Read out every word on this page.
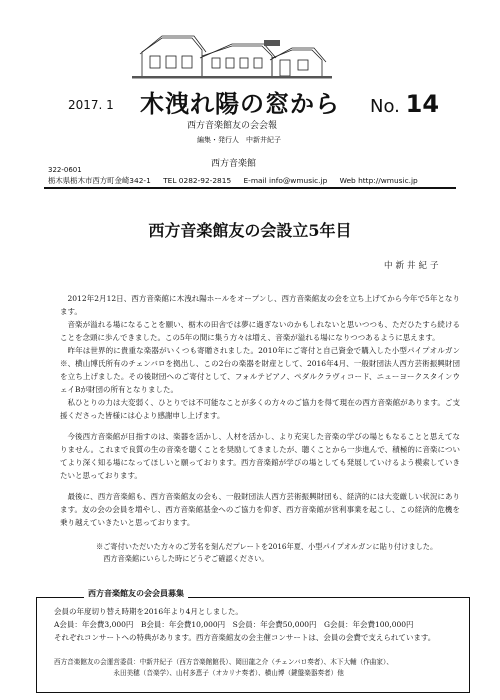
2017. 1 木洩れ陽の窓から No. 14
西方音楽館友の会会報
編集・発行人　中新井紀子
西方音楽館
322-0601
栃木県栃木市西方町金崎342-1 TEL 0282-92-2815 E-mail info@wmusic.jp Web http://wmusic.jp
西方音楽館友の会設立5年目
中新井紀子

2012年2月12日、西方音楽館に木洩れ陽ホールをオープンし、西方音楽館友の会を立ち上げてから今年で5年となります。

音楽が溢れる場になることを願い、栃木の田舎では夢に過ぎないのかもしれないと思いつつも、ただひたすら続けることを念頭に歩んできました。この5年の間に集う方々は増え、音楽が溢れる場になりつつあるように思えます。

昨年は世界的に貴重な楽器がいくつも寄贈されました。2010年にご寄付と自己資金で購入した小型パイプオルガン※、横山博氏所有のチェンバロを拠出し、この2台の楽器を財産として、2016年4月、一般財団法人西方芸術振興財団を立ち上げました。その後財団へのご寄付として、フォルテピアノ、ペダルクラヴィコード、ニューヨークスタインウェイBが財団の所有となりました。

私ひとりの力は大変弱く、ひとりでは不可能なことが多くの方々のご協力を得て現在の西方音楽館があります。ご支援くださった皆様には心より感謝申し上げます。

今後西方音楽館が目指すのは、楽器を活かし、人材を活かし、より充実した音楽の学びの場ともなることと思えてなりません。これまで良質の生の音楽を聴くことを奨励してきましたが、聴くことから一歩進んで、積極的に音楽についてより深く知る場になってほしいと願っております。西方音楽館が学びの場としても発展していけるよう模索していきたいと思っております。

最後に、西方音楽館も、西方音楽館友の会も、一般財団法人西方芸術振興財団も、経済的には大変厳しい状況にあります。友の会の会員を増やし、西方音楽館基金へのご協力を仰ぎ、西方音楽館が営利事業を起こし、この経済的危機を乗り越えていきたいと思っております。

※ご寄付いただいた方々のご芳名を刻んだプレートを2016年夏、小型パイプオルガンに貼り付けました。
西方音楽館にいらした時にどうぞご確認ください。
西方音楽館友の会会員募集
会員の年度切り替え時期を2016年より4月としました。
A会員：年会費3,000円　B会員：年会費10,000円　S会員：年会費50,000円　G会員：年会費100,000円
それぞれコンサートへの特典があります。西方音楽館友の会主催コンサートは、会員の会費で支えられています。
西方音楽館友の会運営委員：中新井紀子（西方音楽館館長）、岡田龍之介（チェンバロ奏者）、木下大輔（作曲家）、
永田美穂（音楽学）、山村多恵子（オカリナ奏者）、横山博（鍵盤楽器奏者）他
